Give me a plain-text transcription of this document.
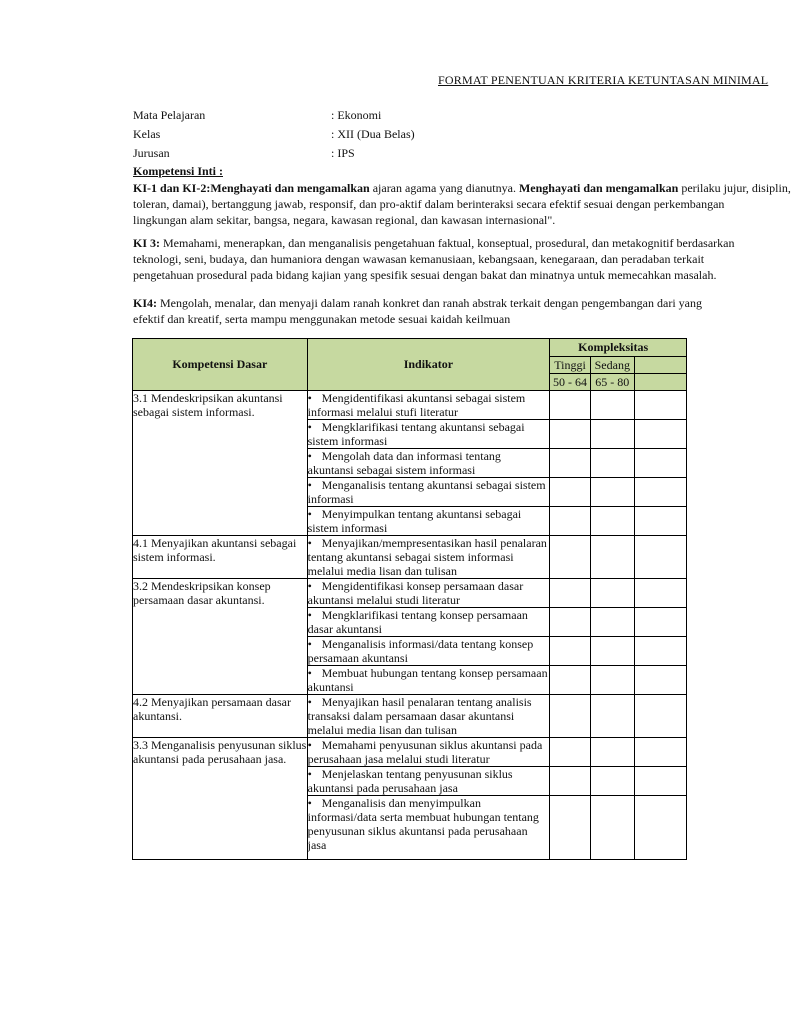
FORMAT PENENTUAN KRITERIA KETUNTASAN MINIMAL
Mata Pelajaran	: Ekonomi
Kelas	: XII (Dua Belas)
Jurusan	: IPS
Kompetensi Inti :
KI-1 dan KI-2:Menghayati dan mengamalkan ajaran agama yang dianutnya. Menghayati dan mengamalkan perilaku jujur, disiplin,
toleran, damai), bertanggung jawab, responsif, dan pro-aktif dalam berinteraksi secara efektif sesuai dengan perkembangan
lingkungan alam sekitar, bangsa, negara, kawasan regional, dan kawasan internasional".
KI 3: Memahami, menerapkan, dan menganalisis pengetahuan faktual, konseptual, prosedural, dan metakognitif berdasarkan
teknologi, seni, budaya, dan humaniora dengan wawasan kemanusiaan, kebangsaan, kenegaraan, dan peradaban terkait
pengetahuan prosedural pada bidang kajian yang spesifik sesuai dengan bakat dan minatnya untuk memecahkan masalah.
KI4: Mengolah, menalar, dan menyaji dalam ranah konkret dan ranah abstrak terkait dengan pengembangan dari yang
efektif dan kreatif, serta mampu menggunakan metode sesuai kaidah keilmuan
Kompetensi Dasar	Indikator	Kompleksitas		
		Tinggi	Sedang	
		50 - 64	65 - 80	
3.1 Mendeskripsikan akuntansi sebagai sistem informasi.	• Mengidentifikasi akuntansi sebagai sistem informasi melalui stufi literatur			
	• Mengklarifikasi tentang akuntansi sebagai sistem informasi			
	• Mengolah data dan informasi tentang akuntansi sebagai sistem informasi			
	• Menganalisis tentang akuntansi sebagai sistem informasi			
	• Menyimpulkan tentang akuntansi sebagai sistem informasi			
4.1 Menyajikan akuntansi sebagai sistem informasi.	• Menyajikan/mempresentasikan hasil penalaran tentang akuntansi sebagai sistem informasi melalui media lisan dan tulisan			
3.2 Mendeskripsikan konsep persamaan dasar akuntansi.	• Mengidentifikasi konsep persamaan dasar akuntansi melalui studi literatur			
	• Mengklarifikasi tentang konsep persamaan dasar akuntansi			
	• Menganalisis informasi/data tentang konsep persamaan akuntansi			
	• Membuat hubungan tentang konsep persamaan akuntansi			
4.2 Menyajikan persamaan dasar akuntansi.	• Menyajikan hasil penalaran tentang analisis transaksi dalam persamaan dasar akuntansi melalui media lisan dan tulisan			
3.3 Menganalisis penyusunan siklus akuntansi pada perusahaan jasa.	• Memahami penyusunan siklus akuntansi pada perusahaan jasa melalui studi literatur			
	• Menjelaskan tentang penyusunan siklus akuntansi pada perusahaan jasa			
	• Menganalisis dan menyimpulkan informasi/data serta membuat hubungan tentang penyusunan siklus akuntansi pada perusahaan jasa			
